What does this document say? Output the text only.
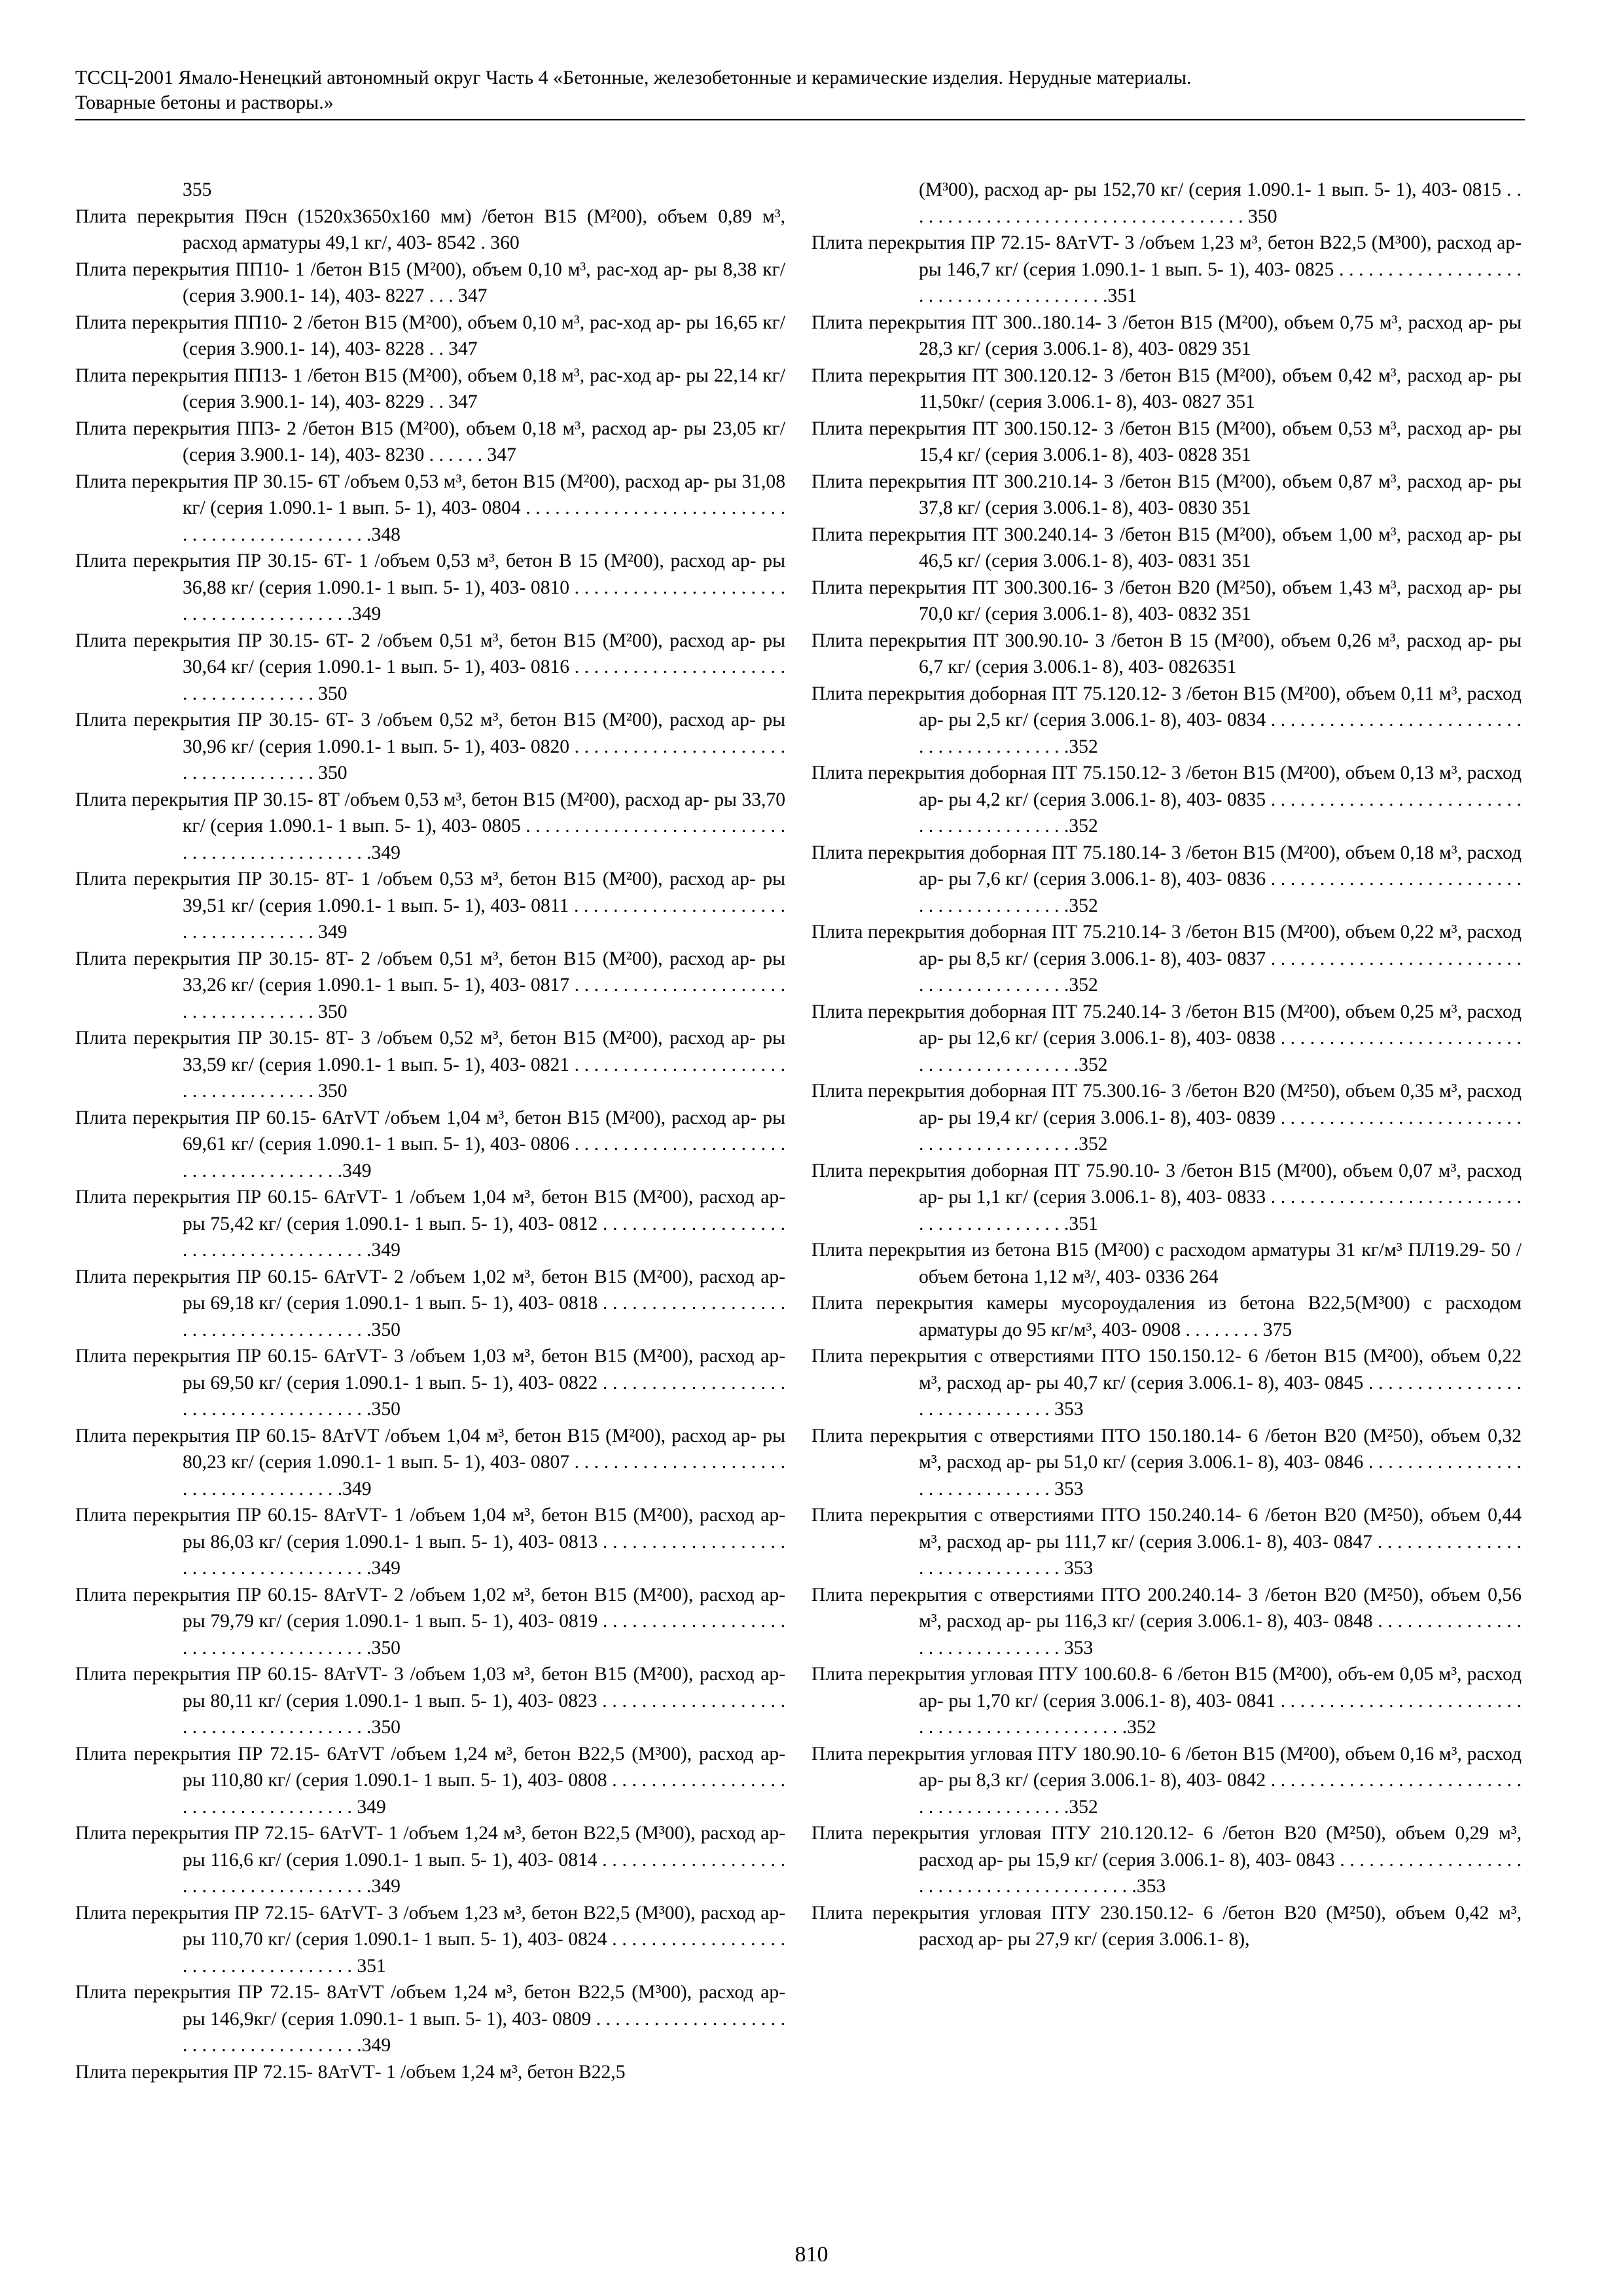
ТССЦ-2001 Ямало-Ненецкий автономный округ Часть 4 «Бетонные, железобетонные и керамические изделия. Нерудные материалы.
Товарные бетоны и растворы.»

355

Плита перекрытия П9сн (1520х3650х160 мм) /бетон В15 (М²00), объем 0,89 м³, расход арматуры 49,1 кг/, 403- 8542 . 360

Плита перекрытия ПП10- 1 /бетон В15 (М²00), объем 0,10 м³, рас-ход ар- ры 8,38 кг/ (серия 3.900.1- 14), 403- 8227 . . . 347

Плита перекрытия ПП10- 2 /бетон В15 (М²00), объем 0,10 м³, рас-ход ар- ры 16,65 кг/ (серия 3.900.1- 14), 403- 8228 . . 347

Плита перекрытия ПП13- 1 /бетон В15 (М²00), объем 0,18 м³, рас-ход ар- ры 22,14 кг/ (серия 3.900.1- 14), 403- 8229 . . 347

Плита перекрытия ПП3- 2 /бетон В15 (М²00), объем 0,18 м³, расход ар- ры 23,05 кг/ (серия 3.900.1- 14), 403- 8230 . . . . . . 347

Плита перекрытия ПР 30.15- 6Т /объем 0,53 м³, бетон В15 (М²00), расход ар- ры 31,08 кг/ (серия 1.090.1- 1 вып. 5- 1), 403- 0804 . . . . . . . . . . . . . . . . . . . . . . . . . . . . . . . . . . . . . . . . . . . . . . .348

Плита перекрытия ПР 30.15- 6Т- 1 /объем 0,53 м³, бетон В 15 (М²00), расход ар- ры 36,88 кг/ (серия 1.090.1- 1 вып. 5- 1), 403- 0810 . . . . . . . . . . . . . . . . . . . . . . . . . . . . . . . . . . . . . . . .349

Плита перекрытия ПР 30.15- 6Т- 2 /объем 0,51 м³, бетон В15 (М²00), расход ар- ры 30,64 кг/ (серия 1.090.1- 1 вып. 5- 1), 403- 0816 . . . . . . . . . . . . . . . . . . . . . . . . . . . . . . . . . . . . 350

Плита перекрытия ПР 30.15- 6Т- 3 /объем 0,52 м³, бетон В15 (М²00), расход ар- ры 30,96 кг/ (серия 1.090.1- 1 вып. 5- 1), 403- 0820 . . . . . . . . . . . . . . . . . . . . . . . . . . . . . . . . . . . . 350

Плита перекрытия ПР 30.15- 8Т /объем 0,53 м³, бетон В15 (М²00), расход ар- ры 33,70 кг/ (серия 1.090.1- 1 вып. 5- 1), 403- 0805 . . . . . . . . . . . . . . . . . . . . . . . . . . . . . . . . . . . . . . . . . . . . . . .349

Плита перекрытия ПР 30.15- 8Т- 1 /объем 0,53 м³, бетон В15 (М²00), расход ар- ры 39,51 кг/ (серия 1.090.1- 1 вып. 5- 1), 403- 0811 . . . . . . . . . . . . . . . . . . . . . . . . . . . . . . . . . . . . 349

Плита перекрытия ПР 30.15- 8Т- 2 /объем 0,51 м³, бетон В15 (М²00), расход ар- ры 33,26 кг/ (серия 1.090.1- 1 вып. 5- 1), 403- 0817 . . . . . . . . . . . . . . . . . . . . . . . . . . . . . . . . . . . . 350

Плита перекрытия ПР 30.15- 8Т- 3 /объем 0,52 м³, бетон В15 (М²00), расход ар- ры 33,59 кг/ (серия 1.090.1- 1 вып. 5- 1), 403- 0821 . . . . . . . . . . . . . . . . . . . . . . . . . . . . . . . . . . . . 350

Плита перекрытия ПР 60.15- 6АтVТ /объем 1,04 м³, бетон В15 (М²00), расход ар- ры 69,61 кг/ (серия 1.090.1- 1 вып. 5- 1), 403- 0806 . . . . . . . . . . . . . . . . . . . . . . . . . . . . . . . . . . . . . . .349

Плита перекрытия ПР 60.15- 6АтVТ- 1 /объем 1,04 м³, бетон В15 (М²00), расход ар- ры 75,42 кг/ (серия 1.090.1- 1 вып. 5- 1), 403- 0812 . . . . . . . . . . . . . . . . . . . . . . . . . . . . . . . . . . . . . . .349

Плита перекрытия ПР 60.15- 6АтVТ- 2 /объем 1,02 м³, бетон В15 (М²00), расход ар- ры 69,18 кг/ (серия 1.090.1- 1 вып. 5- 1), 403- 0818 . . . . . . . . . . . . . . . . . . . . . . . . . . . . . . . . . . . . . . .350

Плита перекрытия ПР 60.15- 6АтVТ- 3 /объем 1,03 м³, бетон В15 (М²00), расход ар- ры 69,50 кг/ (серия 1.090.1- 1 вып. 5- 1), 403- 0822 . . . . . . . . . . . . . . . . . . . . . . . . . . . . . . . . . . . . . . .350

Плита перекрытия ПР 60.15- 8АтVТ /объем 1,04 м³, бетон В15 (М²00), расход ар- ры 80,23 кг/ (серия 1.090.1- 1 вып. 5- 1), 403- 0807 . . . . . . . . . . . . . . . . . . . . . . . . . . . . . . . . . . . . . . .349

Плита перекрытия ПР 60.15- 8АтVТ- 1 /объем 1,04 м³, бетон В15 (М²00), расход ар- ры 86,03 кг/ (серия 1.090.1- 1 вып. 5- 1), 403- 0813 . . . . . . . . . . . . . . . . . . . . . . . . . . . . . . . . . . . . . . .349

Плита перекрытия ПР 60.15- 8АтVТ- 2 /объем 1,02 м³, бетон В15 (М²00), расход ар- ры 79,79 кг/ (серия 1.090.1- 1 вып. 5- 1), 403- 0819 . . . . . . . . . . . . . . . . . . . . . . . . . . . . . . . . . . . . . . .350

Плита перекрытия ПР 60.15- 8АтVТ- 3 /объем 1,03 м³, бетон В15 (М²00), расход ар- ры 80,11 кг/ (серия 1.090.1- 1 вып. 5- 1), 403- 0823 . . . . . . . . . . . . . . . . . . . . . . . . . . . . . . . . . . . . . . .350

Плита перекрытия ПР 72.15- 6АтVТ /объем 1,24 м³, бетон В22,5 (М³00), расход ар- ры 110,80 кг/ (серия 1.090.1- 1 вып. 5- 1), 403- 0808 . . . . . . . . . . . . . . . . . . . . . . . . . . . . . . . . . . . . 349

Плита перекрытия ПР 72.15- 6АтVТ- 1 /объем 1,24 м³, бетон В22,5 (М³00), расход ар- ры 116,6 кг/ (серия 1.090.1- 1 вып. 5- 1), 403- 0814 . . . . . . . . . . . . . . . . . . . . . . . . . . . . . . . . . . . . . . .349

Плита перекрытия ПР 72.15- 6АтVТ- 3 /объем 1,23 м³, бетон В22,5 (М³00), расход ар- ры 110,70 кг/ (серия 1.090.1- 1 вып. 5- 1), 403- 0824 . . . . . . . . . . . . . . . . . . . . . . . . . . . . . . . . . . . . 351

Плита перекрытия ПР 72.15- 8АтVТ /объем 1,24 м³, бетон В22,5 (М³00), расход ар- ры 146,9кг/ (серия 1.090.1- 1 вып. 5- 1), 403- 0809 . . . . . . . . . . . . . . . . . . . . . . . . . . . . . . . . . . . . . . .349

Плита перекрытия ПР 72.15- 8АтVТ- 1 /объем 1,24 м³, бетон В22,5

(М³00), расход ар- ры 152,70 кг/ (серия 1.090.1- 1 вып. 5- 1), 403- 0815 . . . . . . . . . . . . . . . . . . . . . . . . . . . . . . . . . . . . 350

Плита перекрытия ПР 72.15- 8АтVТ- 3 /объем 1,23 м³, бетон В22,5 (М³00), расход ар- ры 146,7 кг/ (серия 1.090.1- 1 вып. 5- 1), 403- 0825 . . . . . . . . . . . . . . . . . . . . . . . . . . . . . . . . . . . . . . .351

Плита перекрытия ПТ 300..180.14- 3 /бетон В15 (М²00), объем 0,75 м³, расход ар- ры 28,3 кг/ (серия 3.006.1- 8), 403- 0829 351

Плита перекрытия ПТ 300.120.12- 3 /бетон В15 (М²00), объем 0,42 м³, расход ар- ры 11,50кг/ (серия 3.006.1- 8), 403- 0827 351

Плита перекрытия ПТ 300.150.12- 3 /бетон В15 (М²00), объем 0,53 м³, расход ар- ры 15,4 кг/ (серия 3.006.1- 8), 403- 0828 351

Плита перекрытия ПТ 300.210.14- 3 /бетон В15 (М²00), объем 0,87 м³, расход ар- ры 37,8 кг/ (серия 3.006.1- 8), 403- 0830 351

Плита перекрытия ПТ 300.240.14- 3 /бетон В15 (М²00), объем 1,00 м³, расход ар- ры 46,5 кг/ (серия 3.006.1- 8), 403- 0831 351

Плита перекрытия ПТ 300.300.16- 3 /бетон В20 (М²50), объем 1,43 м³, расход ар- ры 70,0 кг/ (серия 3.006.1- 8), 403- 0832 351

Плита перекрытия ПТ 300.90.10- 3 /бетон В 15 (М²00), объем 0,26 м³, расход ар- ры 6,7 кг/ (серия 3.006.1- 8), 403- 0826351

Плита перекрытия доборная ПТ 75.120.12- 3 /бетон В15 (М²00), объем 0,11 м³, расход ар- ры 2,5 кг/ (серия 3.006.1- 8), 403- 0834 . . . . . . . . . . . . . . . . . . . . . . . . . . . . . . . . . . . . . . . . . .352

Плита перекрытия доборная ПТ 75.150.12- 3 /бетон В15 (М²00), объем 0,13 м³, расход ар- ры 4,2 кг/ (серия 3.006.1- 8), 403- 0835 . . . . . . . . . . . . . . . . . . . . . . . . . . . . . . . . . . . . . . . . . .352

Плита перекрытия доборная ПТ 75.180.14- 3 /бетон В15 (М²00), объем 0,18 м³, расход ар- ры 7,6 кг/ (серия 3.006.1- 8), 403- 0836 . . . . . . . . . . . . . . . . . . . . . . . . . . . . . . . . . . . . . . . . . .352

Плита перекрытия доборная ПТ 75.210.14- 3 /бетон В15 (М²00), объем 0,22 м³, расход ар- ры 8,5 кг/ (серия 3.006.1- 8), 403- 0837 . . . . . . . . . . . . . . . . . . . . . . . . . . . . . . . . . . . . . . . . . .352

Плита перекрытия доборная ПТ 75.240.14- 3 /бетон В15 (М²00), объем 0,25 м³, расход ар- ры 12,6 кг/ (серия 3.006.1- 8), 403- 0838 . . . . . . . . . . . . . . . . . . . . . . . . . . . . . . . . . . . . . . . . . .352

Плита перекрытия доборная ПТ 75.300.16- 3 /бетон В20 (М²50), объем 0,35 м³, расход ар- ры 19,4 кг/ (серия 3.006.1- 8), 403- 0839 . . . . . . . . . . . . . . . . . . . . . . . . . . . . . . . . . . . . . . . . . .352

Плита перекрытия доборная ПТ 75.90.10- 3 /бетон В15 (М²00), объем 0,07 м³, расход ар- ры 1,1 кг/ (серия 3.006.1- 8), 403- 0833 . . . . . . . . . . . . . . . . . . . . . . . . . . . . . . . . . . . . . . . . . .351

Плита перекрытия из бетона В15 (М²00) с расходом арматуры 31 кг/м³ ПЛ19.29- 50 /объем бетона 1,12 м³/, 403- 0336 264

Плита перекрытия камеры мусороудаления из бетона В22,5(М³00) с расходом арматуры до 95 кг/м³, 403- 0908 . . . . . . . . 375

Плита перекрытия с отверстиями ПТО 150.150.12- 6 /бетон В15 (М²00), объем 0,22 м³, расход ар- ры 40,7 кг/ (серия 3.006.1- 8), 403- 0845 . . . . . . . . . . . . . . . . . . . . . . . . . . . . . . 353

Плита перекрытия с отверстиями ПТО 150.180.14- 6 /бетон В20 (М²50), объем 0,32 м³, расход ар- ры 51,0 кг/ (серия 3.006.1- 8), 403- 0846 . . . . . . . . . . . . . . . . . . . . . . . . . . . . . . 353

Плита перекрытия с отверстиями ПТО 150.240.14- 6 /бетон В20 (М²50), объем 0,44 м³, расход ар- ры 111,7 кг/ (серия 3.006.1- 8), 403- 0847 . . . . . . . . . . . . . . . . . . . . . . . . . . . . . . 353

Плита перекрытия с отверстиями ПТО 200.240.14- 3 /бетон В20 (М²50), объем 0,56 м³, расход ар- ры 116,3 кг/ (серия 3.006.1- 8), 403- 0848 . . . . . . . . . . . . . . . . . . . . . . . . . . . . . . 353

Плита перекрытия угловая ПТУ 100.60.8- 6 /бетон В15 (М²00), объ-ем 0,05 м³, расход ар- ры 1,70 кг/ (серия 3.006.1- 8), 403- 0841 . . . . . . . . . . . . . . . . . . . . . . . . . . . . . . . . . . . . . . . . . . . . . . .352

Плита перекрытия угловая ПТУ 180.90.10- 6 /бетон В15 (М²00), объем 0,16 м³, расход ар- ры 8,3 кг/ (серия 3.006.1- 8), 403- 0842 . . . . . . . . . . . . . . . . . . . . . . . . . . . . . . . . . . . . . . . . . .352

Плита перекрытия угловая ПТУ 210.120.12- 6 /бетон В20 (М²50), объем 0,29 м³, расход ар- ры 15,9 кг/ (серия 3.006.1- 8), 403- 0843 . . . . . . . . . . . . . . . . . . . . . . . . . . . . . . . . . . . . . . . . . .353

Плита перекрытия угловая ПТУ 230.150.12- 6 /бетон В20 (М²50), объем 0,42 м³, расход ар- ры 27,9 кг/ (серия 3.006.1- 8),

810
